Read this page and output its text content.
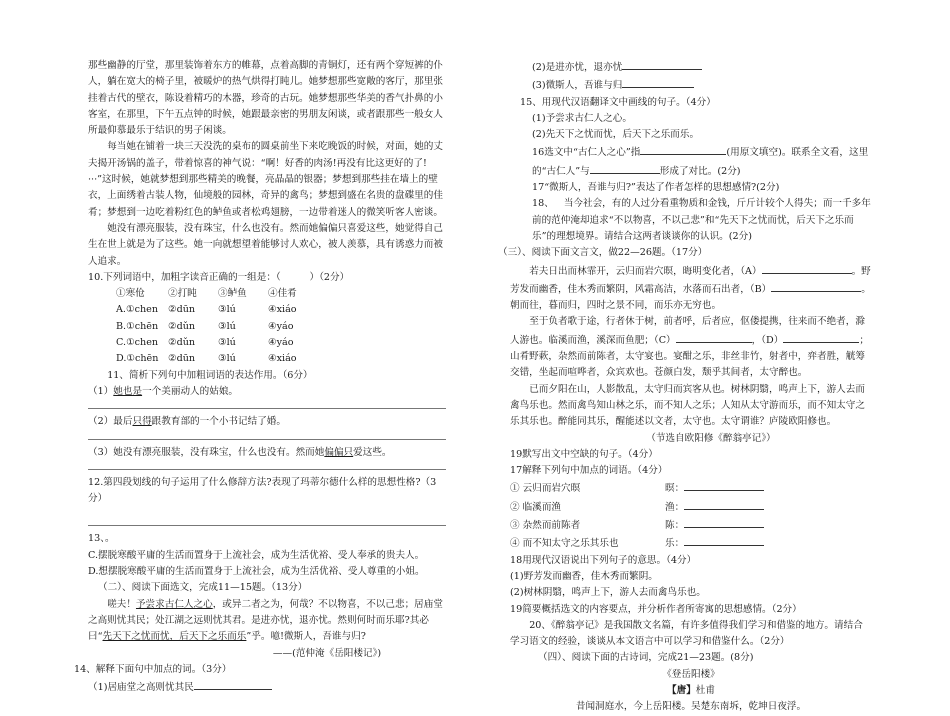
那些幽静的厅堂，那里装饰着东方的帷幕，点着高脚的青铜灯，还有两个穿短裤的仆人，躺在宽大的椅子里，被暖炉的热气烘得打盹儿。她梦想那些宽敞的客厅，那里张挂着古代的壁衣，陈设着精巧的木器，珍奇的古玩。她梦想那些华美的香气扑鼻的小客室，在那里，下午五点钟的时候，她跟最亲密的男朋友闲谈，或者跟那些一般女人所最仰慕最乐于结识的男子闲谈。

每当她在铺着一块三天没洗的桌布的圆桌前坐下来吃晚饭的时候，对面，她的丈夫揭开汤锅的盖子，带着惊喜的神气说：“啊！好香的肉汤!再没有比这更好的了!···”这时候，她就梦想到那些精美的晚餐，亮晶晶的银器；梦想到那些挂在墙上的壁衣，上面绣着古装人物，仙境般的园林，奇异的禽鸟；梦想到盛在名贵的盘碟里的佳肴；梦想到一边吃着粉红色的鲈鱼或者松鸡翅膀，一边带着迷人的微笑听客人密谈。

她没有漂亮服装，没有珠宝，什么也没有。然而她偏偏只喜爱这些，她觉得自己生在世上就是为了这些。她一向就想望着能够讨人欢心，被人羡慕，具有诱惑力而被人追求。

10.下列词语中，加粗字读音正确的一组是：（　　　）（2分）

①寒伧 ②打盹 ③鲈鱼 ④佳肴

A.①chen ②dūn ③lú	④xiáo

B.①chēn ②dǔn ③lú	④yáo

C.①chen ②dǔn ③lú	④yáo

D.①chēn ②dūn ③lú	④xiáo

11、简析下列句中加粗词语的表达作用。（6分）

（1）她也是一个美丽动人的姑娘。

（2）最后只得跟教育部的一个小书记结了婚。

（3）她没有漂亮服装，没有珠宝，什么也没有。然而她偏偏只爱这些。

12.第四段划线的句子运用了什么修辞方法?表现了玛蒂尔德什么样的思想性格?（3分）

13、。

C.摆脱寒酸平庸的生活而置身于上流社会，成为生活优裕、受人奉承的贵夫人。

D.想摆脱寒酸平庸的生活而置身于上流社会，成为生活优裕、受人尊重的小姐。

（二）、阅读下面选文，完成11—15题。（13分）

嗟夫！予尝求古仁人之心，或异二者之为，何哉？不以物喜，不以己悲；居庙堂之高则忧其民；处江湖之远则忧其君。是进亦忧，退亦忧。然则何时而乐耶?其必曰“先天下之忧而忧，后天下之乐而乐”乎。噫!微斯人，吾谁与归?

——(范仲淹《岳阳楼记》)

14、解释下面句中加点的词。（3分）

（1)居庙堂之高则忧其民

(2)是进亦忧，退亦忧

(3)微斯人，吾谁与归

15、用现代汉语翻译文中画线的句子。（4分）

(1)予尝求古仁人之心。

(2)先天下之忧而忧，后天下之乐而乐。

16选文中“古仁人之心”指	(用原文填空)。联系全文看，这里的“古仁人”与	形成了对比。(2分)

17“微斯人，吾谁与归?”表达了作者怎样的思想感情?(2分)

18、 当今社会，有的人过分看重物质和金钱，斤斤计较个人得失；而一千多年前的范仲淹却追求“不以物喜，不以己悲”和“先天下之忧而忧，后天下之乐而乐”的理想境界。请结合这两者谈谈你的认识。(2分)

（三）、阅读下面文言文，做22—26题。（17分）

若夫日出而林霏开，云归而岩穴暝，晦明变化者，（A）	。野芳发而幽香，佳木秀而繁阴，风霜高洁，水落而石出者，（B）	。朝而往，暮而归，四时之景不同，而乐亦无穷也。

至于负者歌于途，行者休于树，前者呼，后者应，伛偻提携，往来而不绝者，滁人游也。临溪而渔，溪深而鱼肥；（C）	，（D）	；山肴野蔌，杂然而前陈者，太守宴也。宴酣之乐，非丝非竹，射者中，弈者胜，觥筹交错，坐起而喧哗者，众宾欢也。苍颜白发，颓乎其间者，太守醉也。

已而夕阳在山，人影散乱，太守归而宾客从也。树林阴翳，鸣声上下，游人去而禽鸟乐也。然而禽鸟知山林之乐，而不知人之乐；人知从太守游而乐，而不知太守之乐其乐也。醉能同其乐，醒能述以文者，太守也。太守谓谁？庐陵欧阳修也。

（节选自欧阳修《醉翁亭记》）

19默写出文中空缺的句子。（4分）

17解释下列句中加点的词语。（4分）

① 云归而岩穴暝	暝：

② 临溪而渔	渔：

③ 杂然而前陈者	陈：

④ 而不知太守之乐其乐也	乐：

18用现代汉语说出下列句子的意思。（4分）

(1)野芳发而幽香，佳木秀而繁阴。

(2)树林阴翳，鸣声上下，游人去而禽鸟乐也。

19简要概括选文的内容要点，并分析作者所寄寓的思想感情。（2分）

20、《醉翁亭记》是我国散文名篇，有许多值得我们学习和借鉴的地方。请结合学习语文的经验，谈谈从本文语言中可以学习和借鉴什么。（2分）

（四）、阅读下面的古诗词，完成21—23题。(8分)

《登岳阳楼》

【唐】杜甫

昔闻洞庭水，今上岳阳楼。吴楚东南坼，乾坤日夜浮。
